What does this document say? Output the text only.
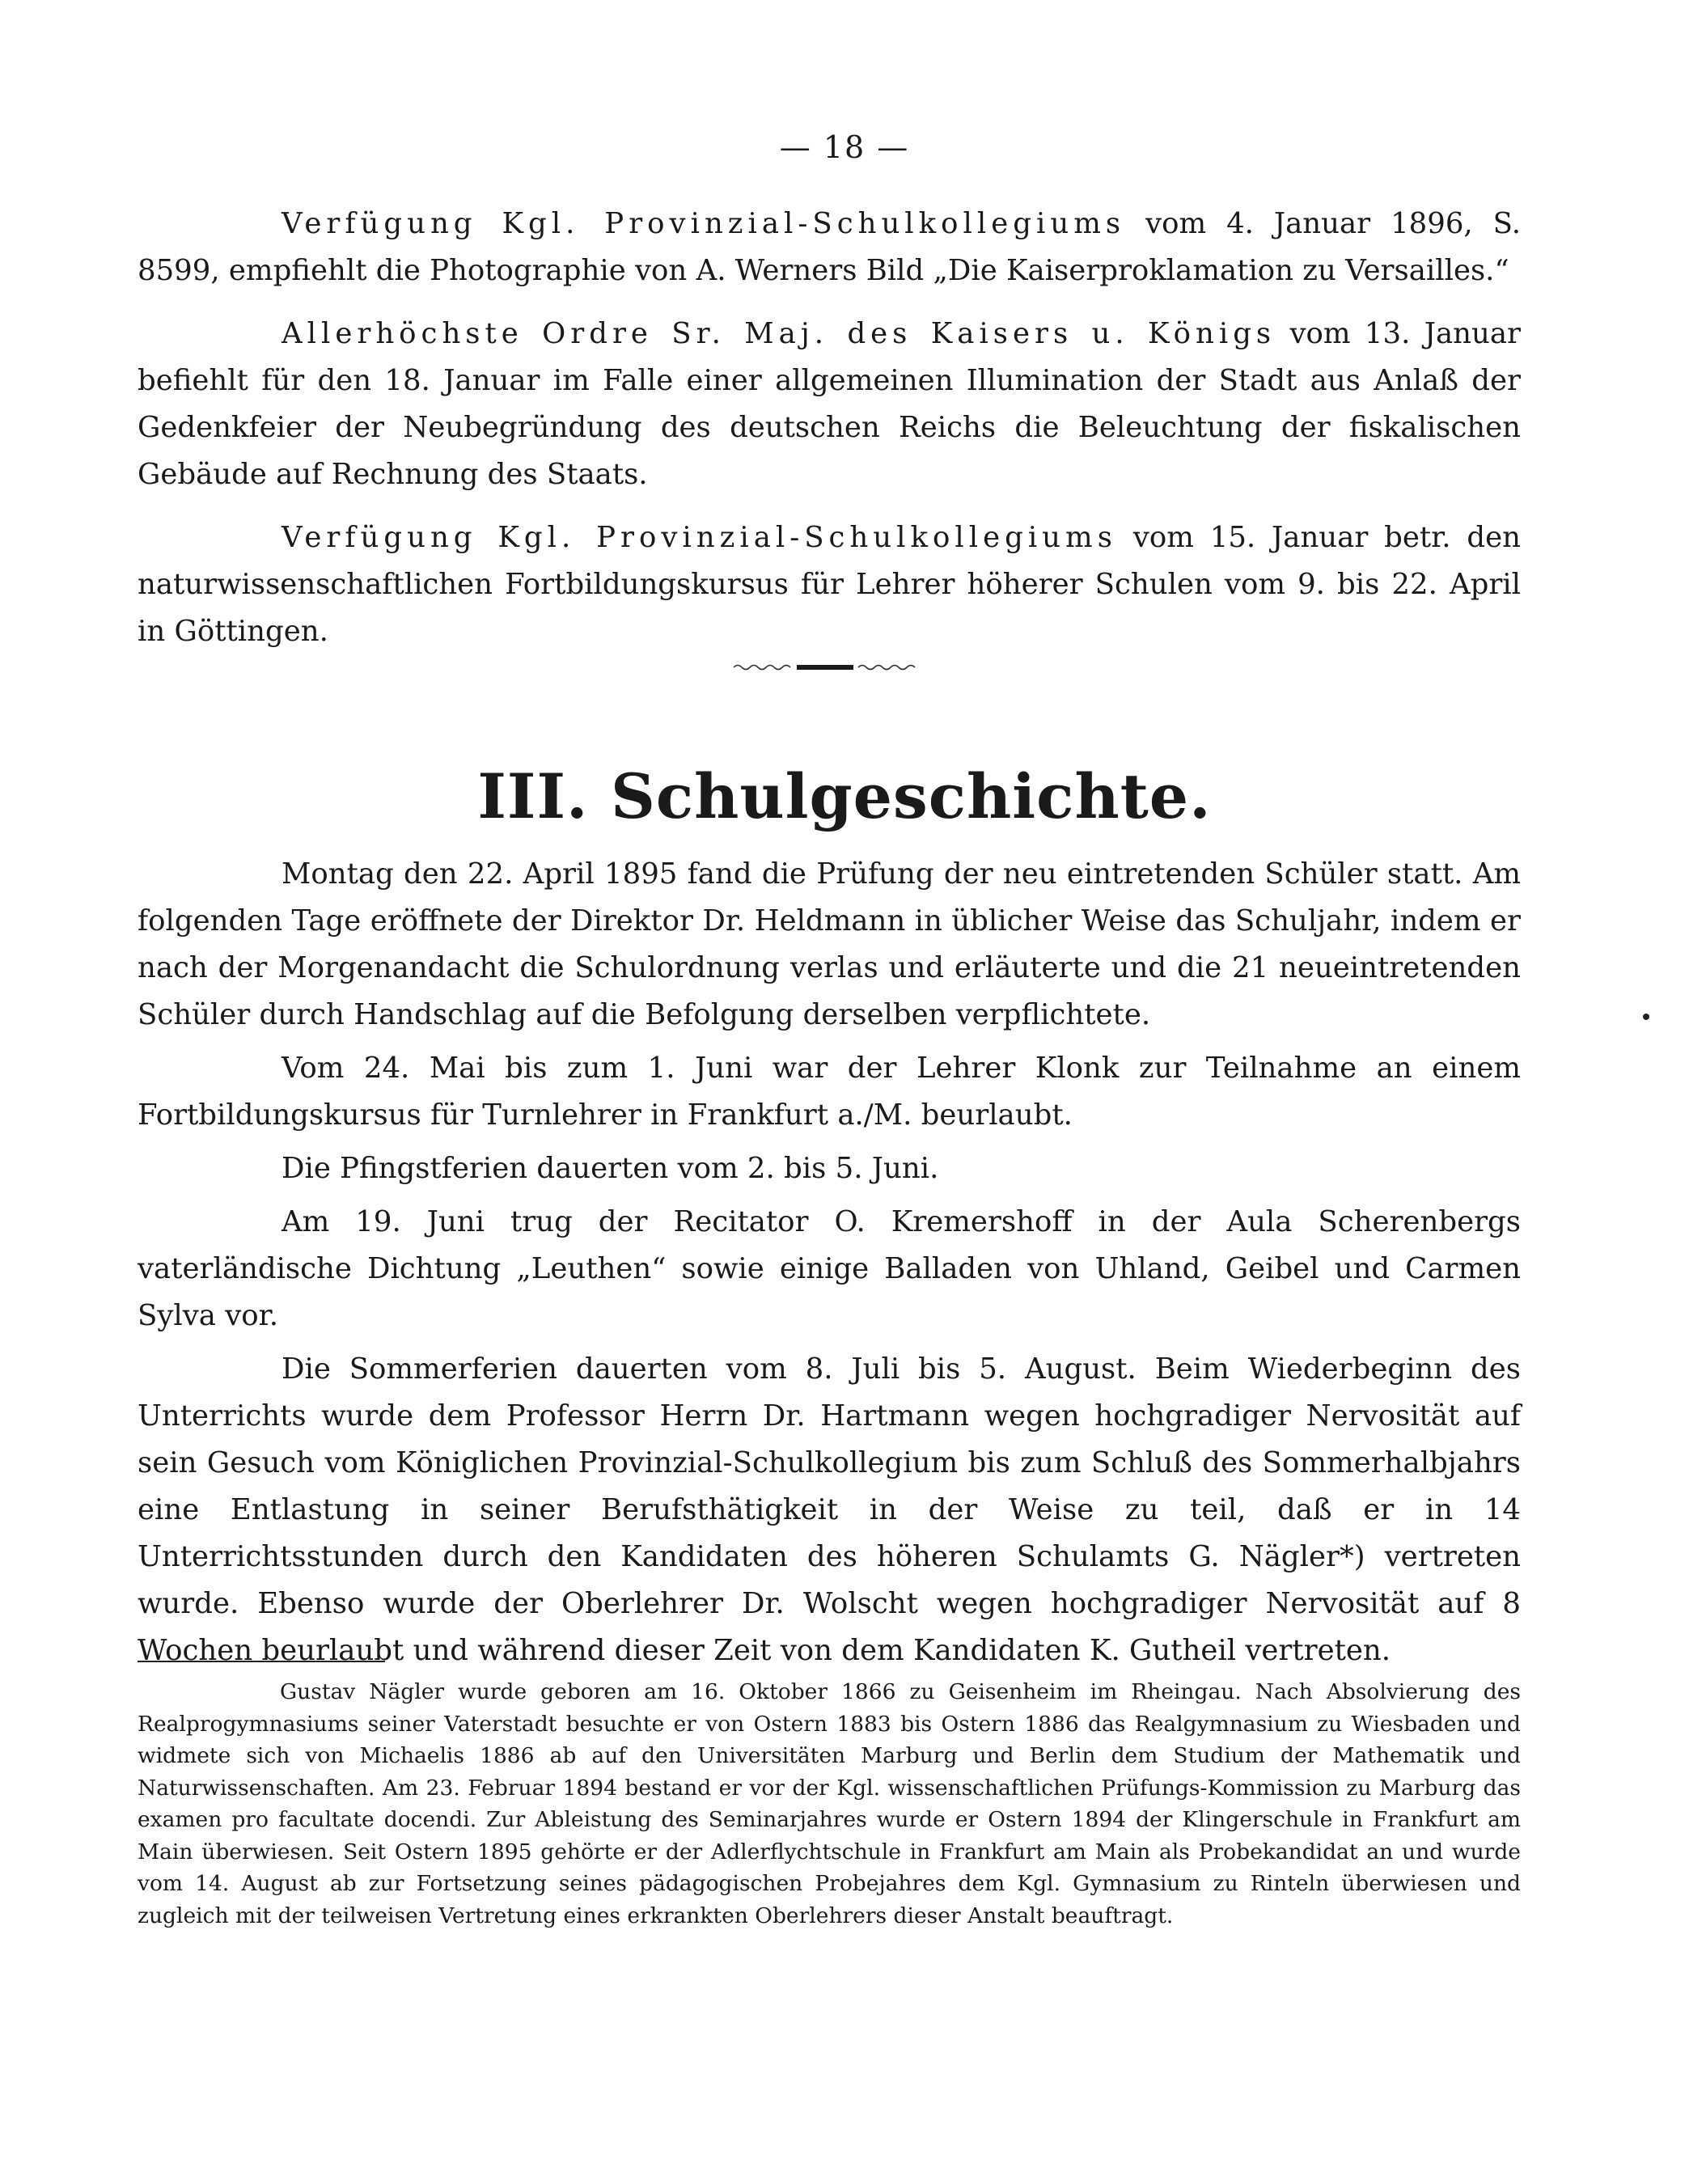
— 18 —

Verfügung Kgl. Provinzial-Schulkollegiums vom 4. Januar 1896, S. 8599, empfiehlt die Photographie von A. Werners Bild „Die Kaiserproklamation zu Versailles.“

Allerhöchste Ordre Sr. Maj. des Kaisers u. Königs vom 13. Januar befiehlt für den 18. Januar im Falle einer allgemeinen Illumination der Stadt aus Anlaß der Gedenkfeier der Neubegründung des deutschen Reichs die Beleuchtung der fiskalischen Gebäude auf Rechnung des Staats.

Verfügung Kgl. Provinzial-Schulkollegiums vom 15. Januar betr. den naturwissenschaftlichen Fortbildungskursus für Lehrer höherer Schulen vom 9. bis 22. April in Göttingen.

III. Schulgeschichte.

Montag den 22. April 1895 fand die Prüfung der neu eintretenden Schüler statt. Am folgenden Tage eröffnete der Direktor Dr. Heldmann in üblicher Weise das Schuljahr, indem er nach der Morgenandacht die Schulordnung verlas und erläuterte und die 21 neueintretenden Schüler durch Handschlag auf die Befolgung derselben verpflichtete.

Vom 24. Mai bis zum 1. Juni war der Lehrer Klonk zur Teilnahme an einem Fortbildungskursus für Turnlehrer in Frankfurt a./M. beurlaubt.

Die Pfingstferien dauerten vom 2. bis 5. Juni.

Am 19. Juni trug der Recitator O. Kremershoff in der Aula Scherenbergs vaterländische Dichtung „Leuthen“ sowie einige Balladen von Uhland, Geibel und Carmen Sylva vor.

Die Sommerferien dauerten vom 8. Juli bis 5. August. Beim Wiederbeginn des Unterrichts wurde dem Professor Herrn Dr. Hartmann wegen hochgradiger Nervosität auf sein Gesuch vom Königlichen Provinzial-Schulkollegium bis zum Schluß des Sommerhalbjahrs eine Entlastung in seiner Berufsthätigkeit in der Weise zu teil, daß er in 14 Unterrichtsstunden durch den Kandidaten des höheren Schulamts G. Nägler*) vertreten wurde. Ebenso wurde der Oberlehrer Dr. Wolscht wegen hochgradiger Nervosität auf 8 Wochen beurlaubt und während dieser Zeit von dem Kandidaten K. Gutheil vertreten.

Gustav Nägler wurde geboren am 16. Oktober 1866 zu Geisenheim im Rheingau. Nach Absolvierung des Realprogymnasiums seiner Vaterstadt besuchte er von Ostern 1883 bis Ostern 1886 das Realgymnasium zu Wiesbaden und widmete sich von Michaelis 1886 ab auf den Universitäten Marburg und Berlin dem Studium der Mathematik und Naturwissenschaften. Am 23. Februar 1894 bestand er vor der Kgl. wissenschaftlichen Prüfungs-Kommission zu Marburg das examen pro facultate docendi. Zur Ableistung des Seminarjahres wurde er Ostern 1894 der Klingerschule in Frankfurt am Main überwiesen. Seit Ostern 1895 gehörte er der Adlerflychtschule in Frankfurt am Main als Probekandidat an und wurde vom 14. August ab zur Fortsetzung seines pädagogischen Probejahres dem Kgl. Gymnasium zu Rinteln überwiesen und zugleich mit der teilweisen Vertretung eines erkrankten Oberlehrers dieser Anstalt beauftragt.
